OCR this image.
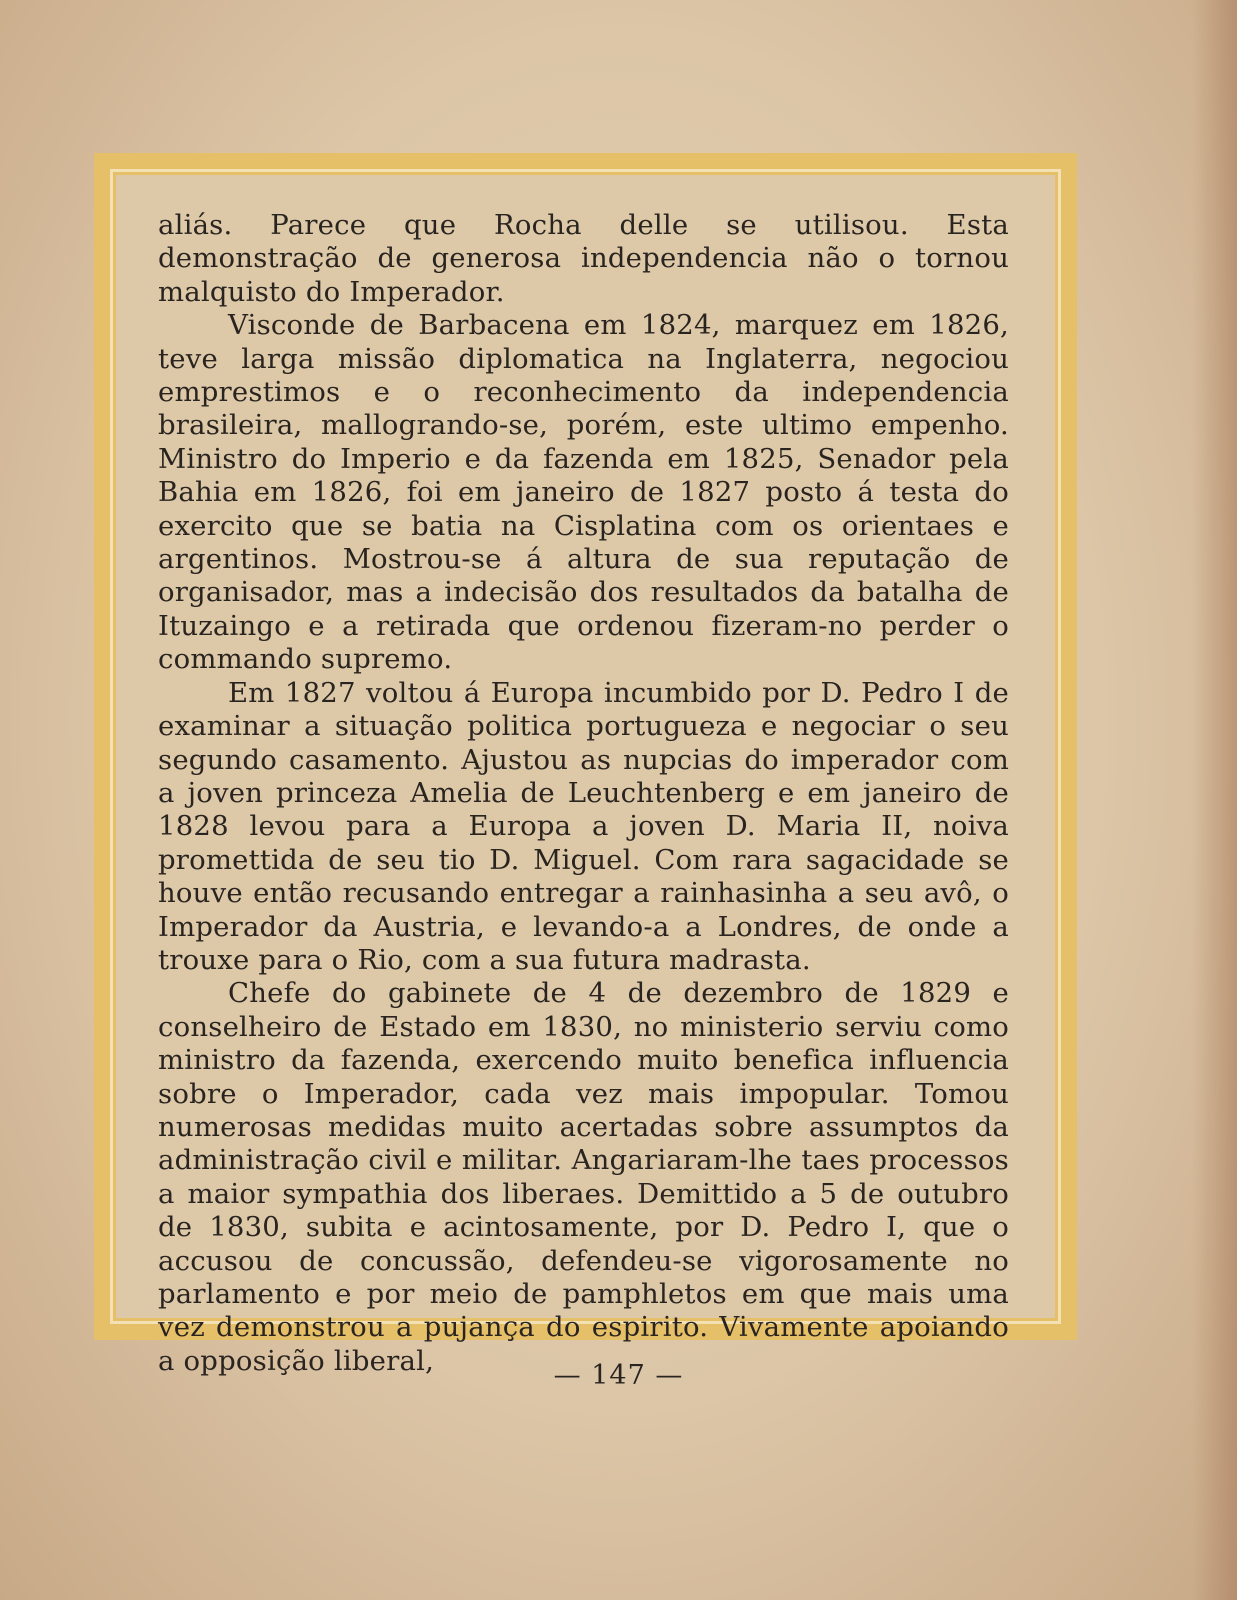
aliás. Parece que Rocha delle se utilisou. Esta demonstração de generosa independencia não o tornou malquisto do Imperador.

Visconde de Barbacena em 1824, marquez em 1826, teve larga missão diplomatica na Inglaterra, negociou emprestimos e o reconhecimento da independencia brasileira, mallogrando-se, porém, este ultimo empenho. Ministro do Imperio e da fazenda em 1825, Senador pela Bahia em 1826, foi em janeiro de 1827 posto á testa do exercito que se batia na Cisplatina com os orientaes e argentinos. Mostrou-se á altura de sua reputação de organisador, mas a indecisão dos resultados da batalha de Ituzaingo e a retirada que ordenou fizeram-no perder o commando supremo.

Em 1827 voltou á Europa incumbido por D. Pedro I de examinar a situação politica portugueza e negociar o seu segundo casamento. Ajustou as nupcias do imperador com a joven princeza Amelia de Leuchtenberg e em janeiro de 1828 levou para a Europa a joven D. Maria II, noiva promettida de seu tio D. Miguel. Com rara sagacidade se houve então recusando entregar a rainhasinha a seu avô, o Imperador da Austria, e levando-a a Londres, de onde a trouxe para o Rio, com a sua futura madrasta.

Chefe do gabinete de 4 de dezembro de 1829 e conselheiro de Estado em 1830, no ministerio serviu como ministro da fazenda, exercendo muito benefica influencia sobre o Imperador, cada vez mais impopular. Tomou numerosas medidas muito acertadas sobre assumptos da administração civil e militar. Angariaram-lhe taes processos a maior sympathia dos liberaes. Demittido a 5 de outubro de 1830, subita e acintosamente, por D. Pedro I, que o accusou de concussão, defendeu-se vigorosamente no parlamento e por meio de pamphletos em que mais uma vez demonstrou a pujança do espirito. Vivamente apoiando a opposição liberal,	— 147 —
